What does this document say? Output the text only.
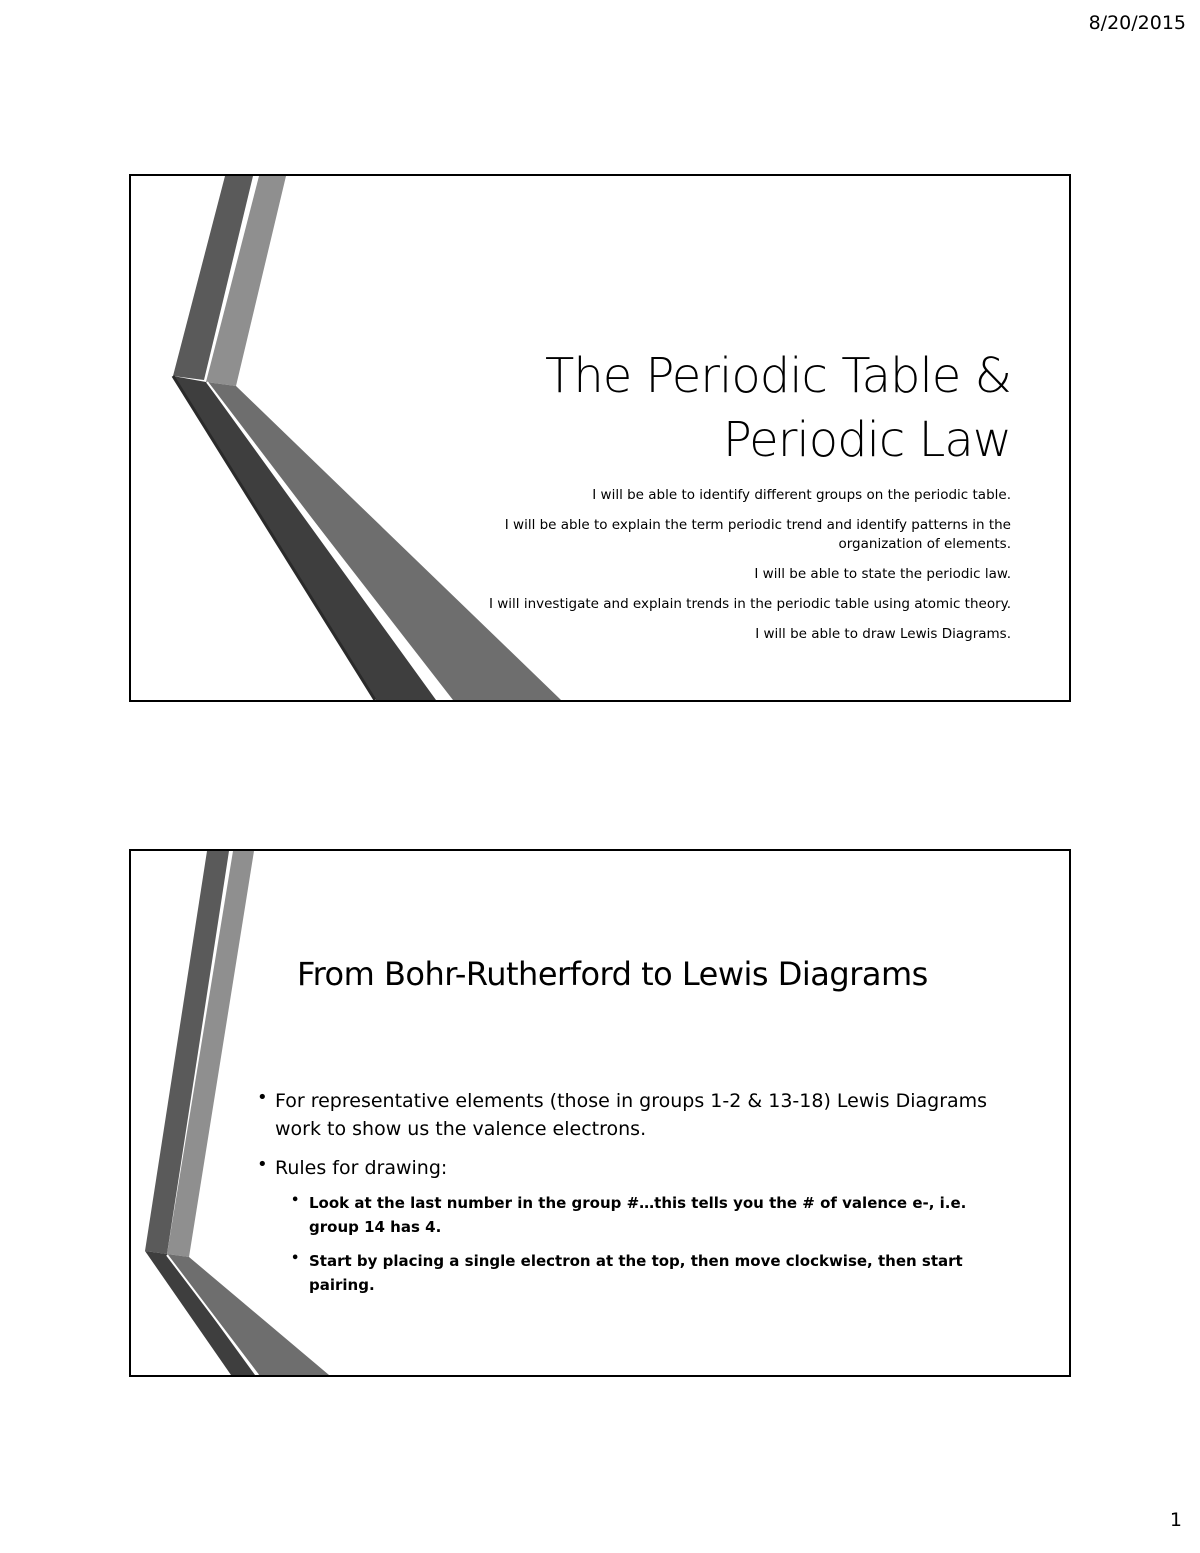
8/20/2015
The Periodic Table &
Periodic Law
I will be able to identify different groups on the periodic table.
I will be able to explain the term periodic trend and identify patterns in the organization of elements.
I will be able to state the periodic law.
I will investigate and explain trends in the periodic table using atomic theory.
I will be able to draw Lewis Diagrams.
From Bohr-Rutherford to Lewis Diagrams
• For representative elements (those in groups 1-2 & 13-18) Lewis Diagrams work to show us the valence electrons.
• Rules for drawing:
• Look at the last number in the group #…this tells you the # of valence e-, i.e. group 14 has 4.
• Start by placing a single electron at the top, then move clockwise, then start pairing.
1
